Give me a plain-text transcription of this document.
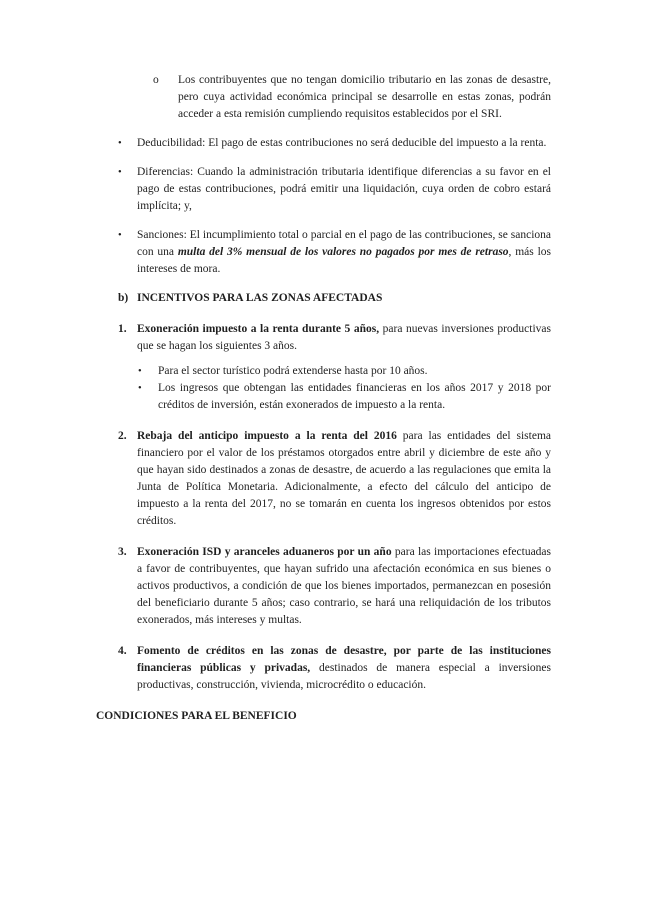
o	Los contribuyentes que no tengan domicilio tributario en las zonas de desastre, pero cuya actividad económica principal se desarrolle en estas zonas, podrán acceder a esta remisión cumpliendo requisitos establecidos por el SRI.
•	Deducibilidad: El pago de estas contribuciones no será deducible del impuesto a la renta.
•	Diferencias: Cuando la administración tributaria identifique diferencias a su favor en el pago de estas contribuciones, podrá emitir una liquidación, cuya orden de cobro estará implícita; y,
•	Sanciones: El incumplimiento total o parcial en el pago de las contribuciones, se sanciona con una multa del 3% mensual de los valores no pagados por mes de retraso, más los intereses de mora.
b) INCENTIVOS PARA LAS ZONAS AFECTADAS
1. Exoneración impuesto a la renta durante 5 años, para nuevas inversiones productivas que se hagan los siguientes 3 años.
•	Para el sector turístico podrá extenderse hasta por 10 años.
•	Los ingresos que obtengan las entidades financieras en los años 2017 y 2018 por créditos de inversión, están exonerados de impuesto a la renta.
2. Rebaja del anticipo impuesto a la renta del 2016 para las entidades del sistema financiero por el valor de los préstamos otorgados entre abril y diciembre de este año y que hayan sido destinados a zonas de desastre, de acuerdo a las regulaciones que emita la Junta de Política Monetaria. Adicionalmente, a efecto del cálculo del anticipo de impuesto a la renta del 2017, no se tomarán en cuenta los ingresos obtenidos por estos créditos.
3. Exoneración ISD y aranceles aduaneros por un año para las importaciones efectuadas a favor de contribuyentes, que hayan sufrido una afectación económica en sus bienes o activos productivos, a condición de que los bienes importados, permanezcan en posesión del beneficiario durante 5 años; caso contrario, se hará una reliquidación de los tributos exonerados, más intereses y multas.
4. Fomento de créditos en las zonas de desastre, por parte de las instituciones financieras públicas y privadas, destinados de manera especial a inversiones productivas, construcción, vivienda, microcrédito o educación.
CONDICIONES PARA EL BENEFICIO
